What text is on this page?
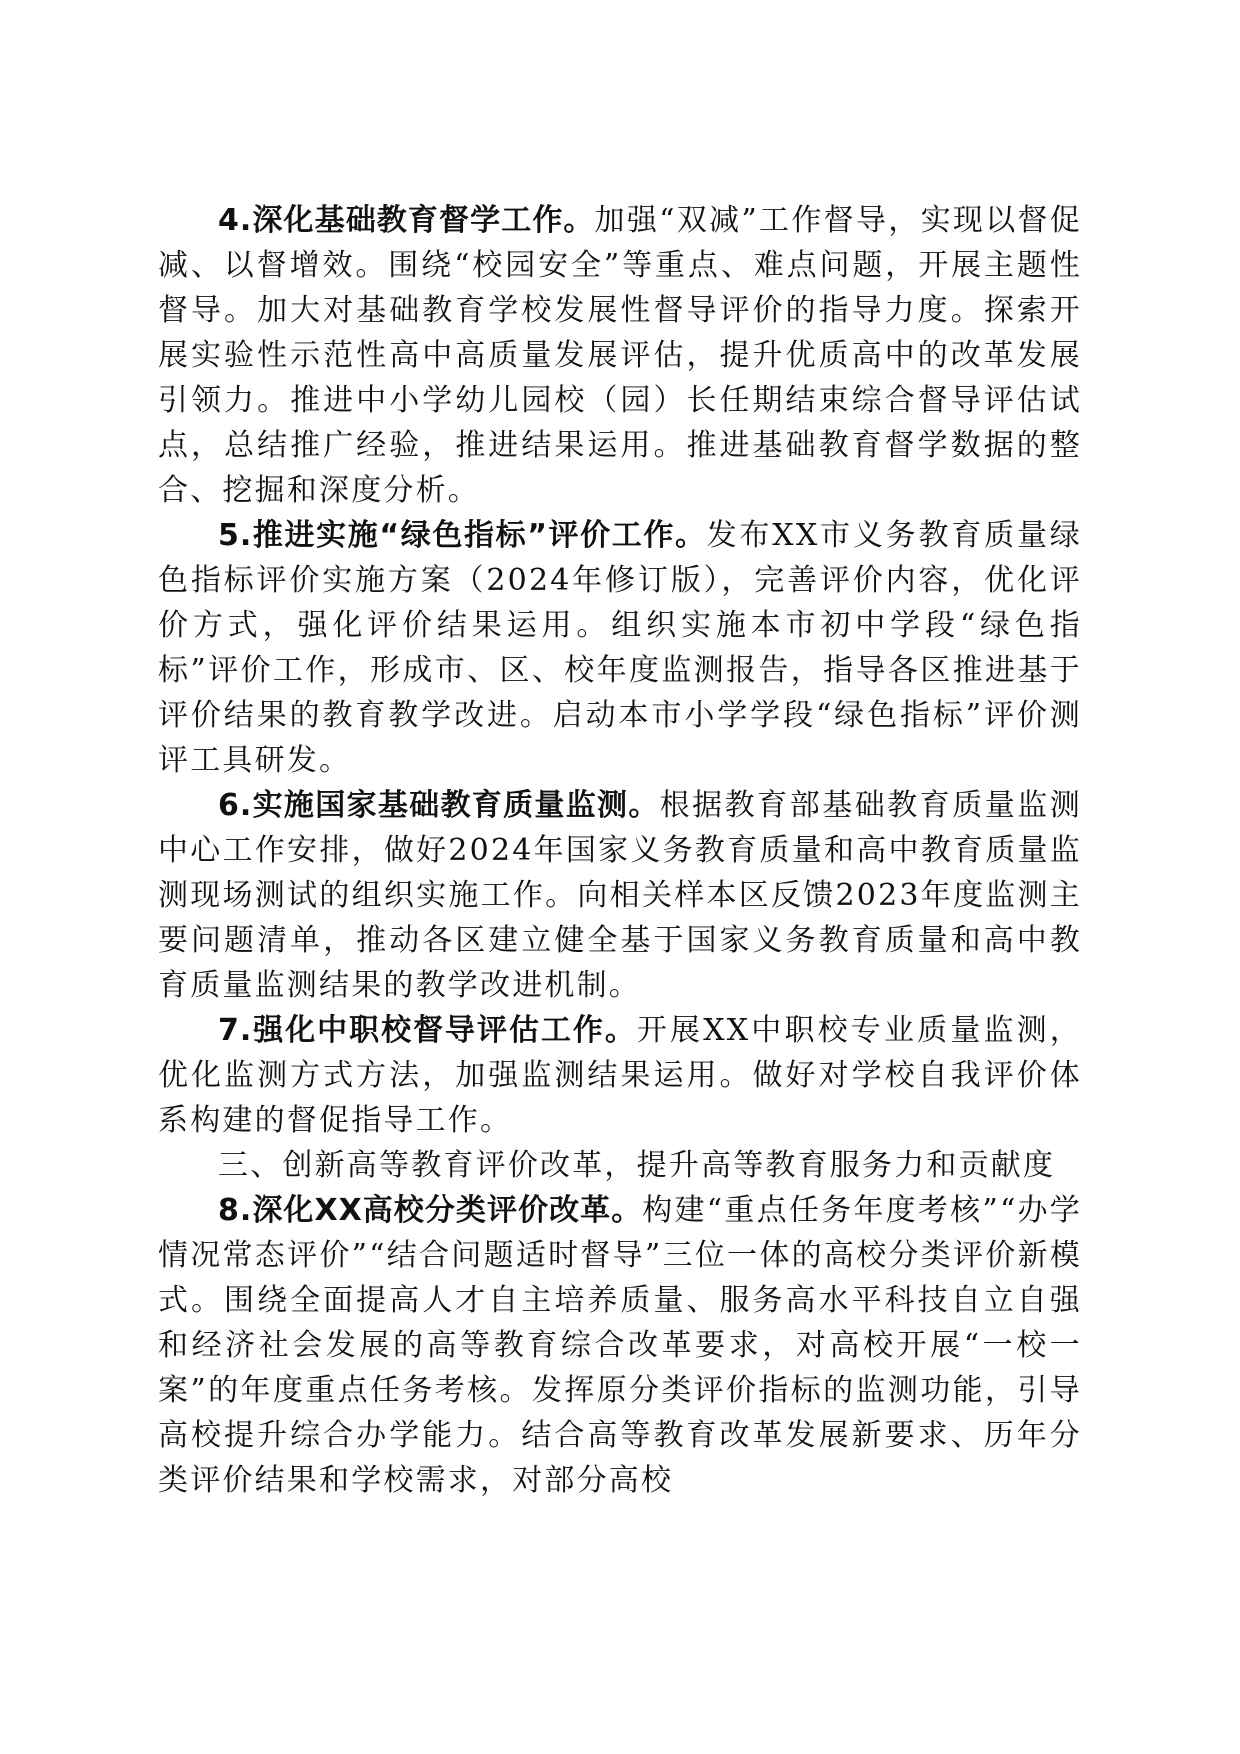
4.深化基础教育督学工作。加强“双减”工作督导，实现以督促减、以督增效。围绕“校园安全”等重点、难点问题，开展主题性督导。加大对基础教育学校发展性督导评价的指导力度。探索开展实验性示范性高中高质量发展评估，提升优质高中的改革发展引领力。推进中小学幼儿园校（园）长任期结束综合督导评估试点，总结推广经验，推进结果运用。推进基础教育督学数据的整合、挖掘和深度分析。

5.推进实施“绿色指标”评价工作。发布XX市义务教育质量绿色指标评价实施方案（2024年修订版），完善评价内容，优化评价方式，强化评价结果运用。组织实施本市初中学段“绿色指标”评价工作，形成市、区、校年度监测报告，指导各区推进基于评价结果的教育教学改进。启动本市小学学段“绿色指标”评价测评工具研发。

6.实施国家基础教育质量监测。根据教育部基础教育质量监测中心工作安排，做好2024年国家义务教育质量和高中教育质量监测现场测试的组织实施工作。向相关样本区反馈2023年度监测主要问题清单，推动各区建立健全基于国家义务教育质量和高中教育质量监测结果的教学改进机制。

7.强化中职校督导评估工作。开展XX中职校专业质量监测，优化监测方式方法，加强监测结果运用。做好对学校自我评价体系构建的督促指导工作。

三、创新高等教育评价改革，提升高等教育服务力和贡献度

8.深化XX高校分类评价改革。构建“重点任务年度考核”“办学情况常态评价”“结合问题适时督导”三位一体的高校分类评价新模式。围绕全面提高人才自主培养质量、服务高水平科技自立自强和经济社会发展的高等教育综合改革要求，对高校开展“一校一案”的年度重点任务考核。发挥原分类评价指标的监测功能，引导高校提升综合办学能力。结合高等教育改革发展新要求、历年分类评价结果和学校需求，对部分高校
